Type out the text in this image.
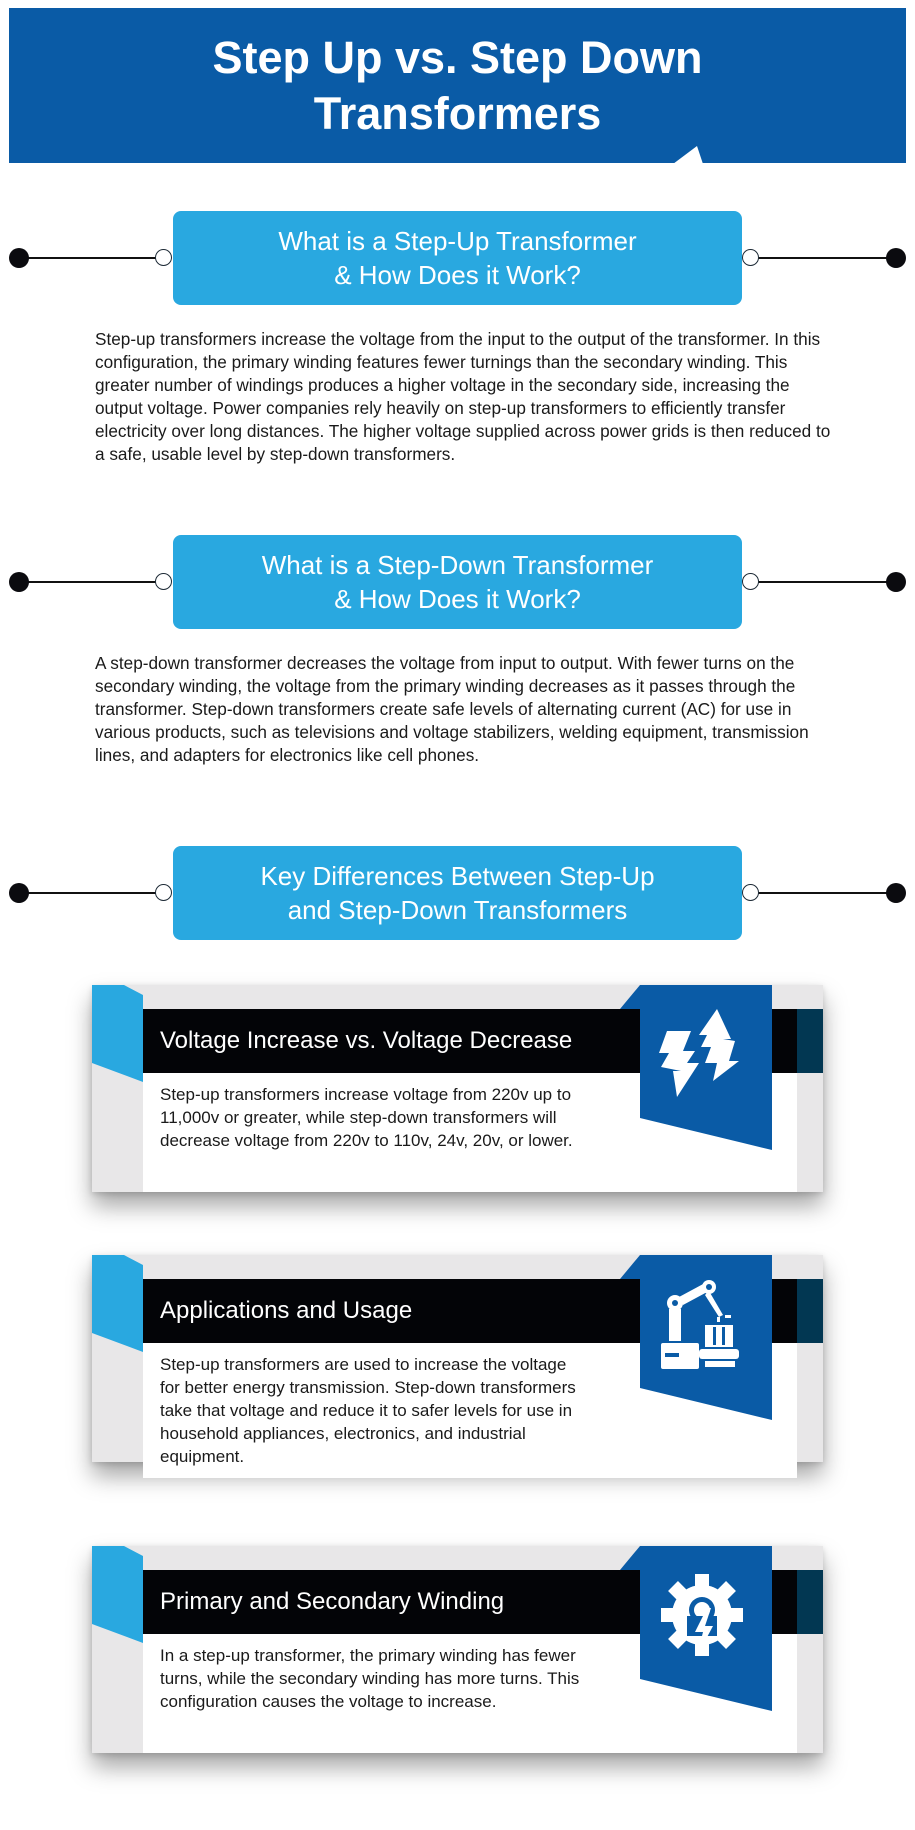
Step Up vs. Step Down
Transformers
What is a Step-Up Transformer
& How Does it Work?

Step-up transformers increase the voltage from the input to the output of the transformer. In this configuration, the primary winding features fewer turnings than the secondary winding. This greater number of windings produces a higher voltage in the secondary side, increasing the output voltage. Power companies rely heavily on step-up transformers to efficiently transfer electricity over long distances. The higher voltage supplied across power grids is then reduced to a safe, usable level by step-down transformers.

What is a Step-Down Transformer
& How Does it Work?

A step-down transformer decreases the voltage from input to output. With fewer turns on the secondary winding, the voltage from the primary winding decreases as it passes through the transformer. Step-down transformers create safe levels of alternating current (AC) for use in various products, such as televisions and voltage stabilizers, welding equipment, transmission lines, and adapters for electronics like cell phones.

Key Differences Between Step-Up
and Step-Down Transformers
Voltage Increase vs. Voltage Decrease

Step-up transformers increase voltage from 220v up to 11,000v or greater, while step-down transformers will decrease voltage from 220v to 110v, 24v, 20v, or lower.

Applications and Usage

Step-up transformers are used to increase the voltage for better energy transmission. Step-down transformers take that voltage and reduce it to safer levels for use in household appliances, electronics, and industrial equipment.

Primary and Secondary Winding

In a step-up transformer, the primary winding has fewer turns, while the secondary winding has more turns. This configuration causes the voltage to increase.
